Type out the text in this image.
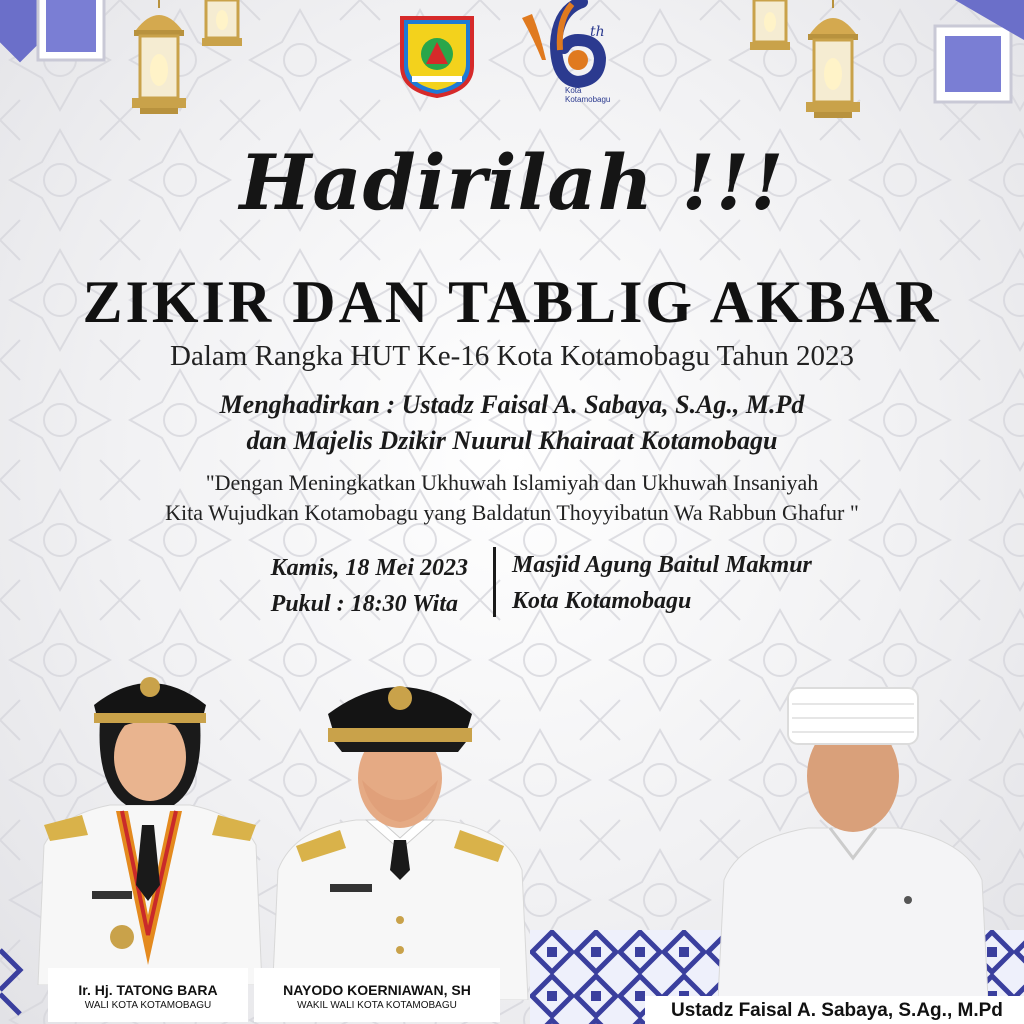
th
Kota Kotamobagu
Hadirilah !!!
ZIKIR DAN TABLIG AKBAR
Dalam Rangka HUT Ke-16 Kota Kotamobagu Tahun 2023
Menghadirkan : Ustadz Faisal A. Sabaya, S.Ag., M.Pd
dan Majelis Dzikir Nuurul Khairaat Kotamobagu
"Dengan Meningkatkan Ukhuwah Islamiyah dan Ukhuwah Insaniyah
Kita Wujudkan Kotamobagu yang Baldatun Thoyyibatun Wa Rabbun Ghafur "
Kamis, 18 Mei 2023
Pukul : 18:30 Wita
Masjid Agung Baitul Makmur
Kota Kotamobagu
Ir. Hj. TATONG BARA
WALI KOTA KOTAMOBAGU
NAYODO KOERNIAWAN, SH
WAKIL WALI KOTA KOTAMOBAGU	Ustadz Faisal A. Sabaya, S.Ag., M.Pd
